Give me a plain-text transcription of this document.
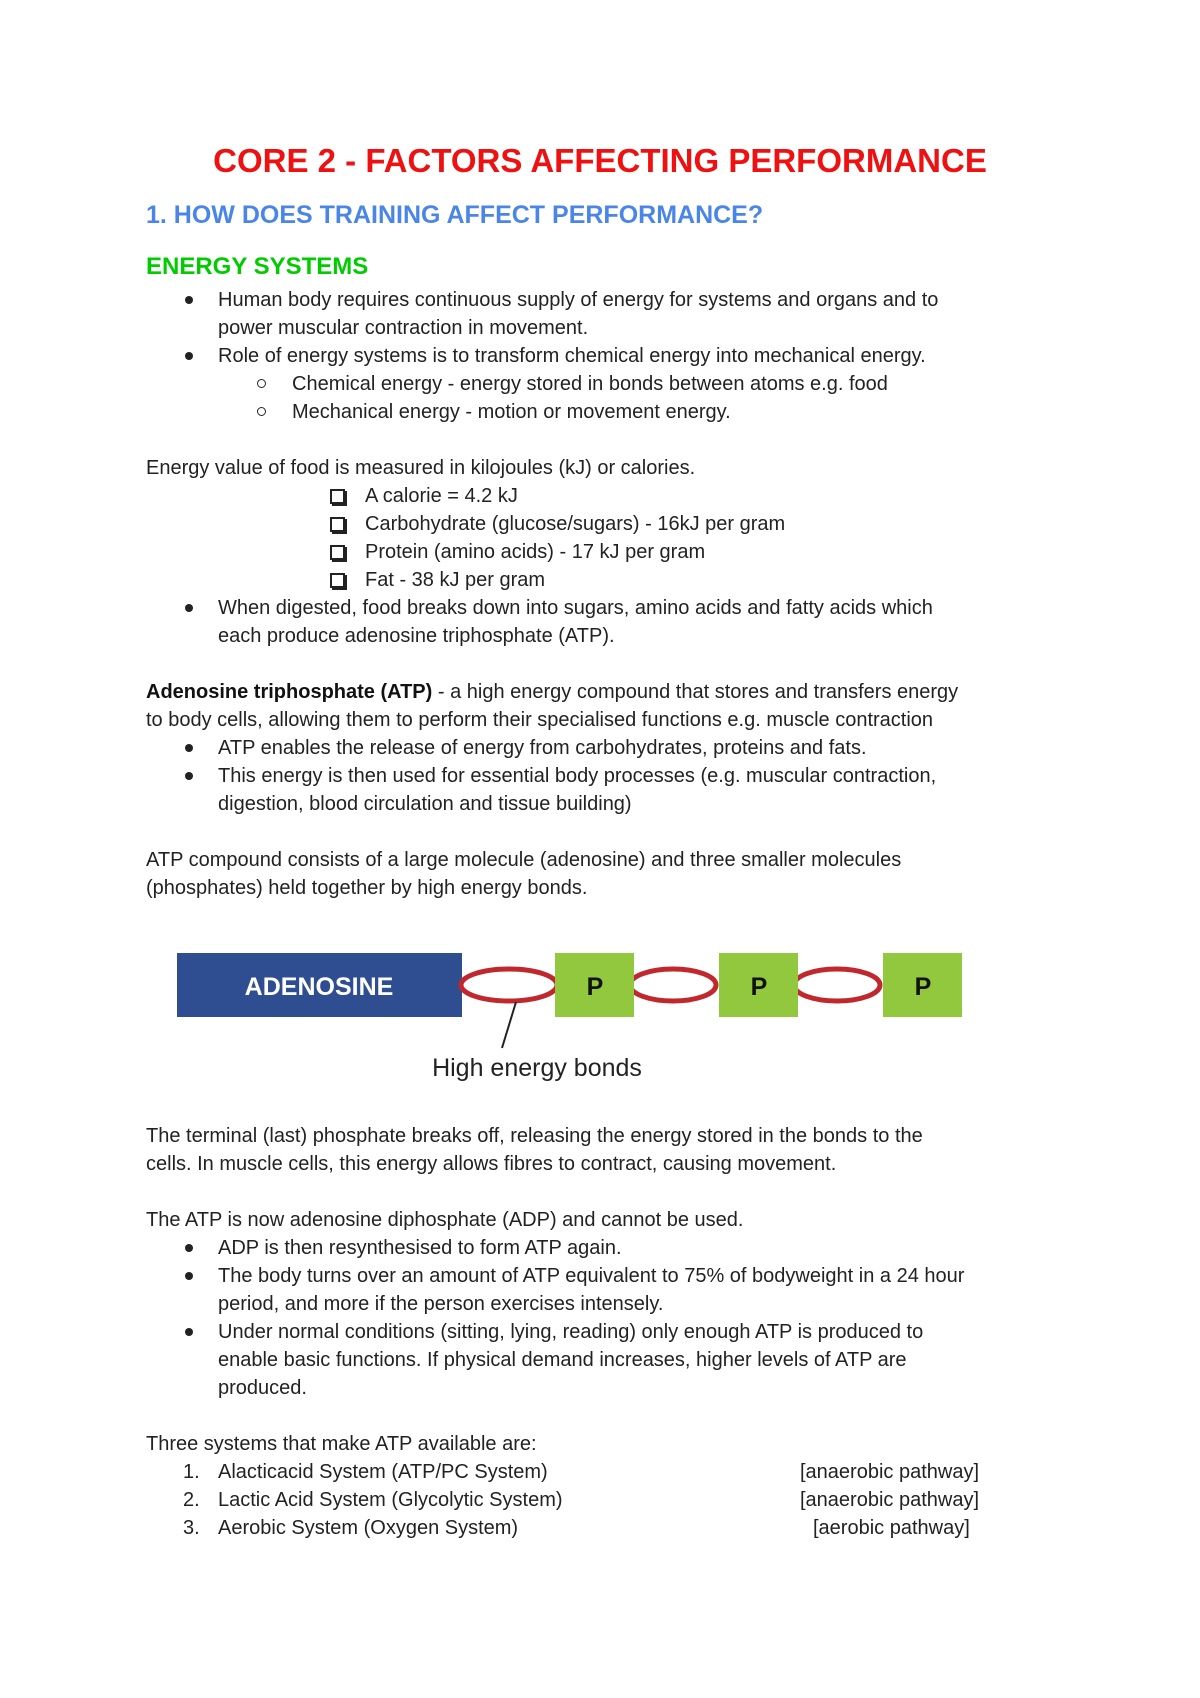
CORE 2 - FACTORS AFFECTING PERFORMANCE
1. HOW DOES TRAINING AFFECT PERFORMANCE?
ENERGY SYSTEMS
Human body requires continuous supply of energy for systems and organs and to
power muscular contraction in movement.
Role of energy systems is to transform chemical energy into mechanical energy.
Chemical energy - energy stored in bonds between atoms e.g. food
Mechanical energy - motion or movement energy.
Energy value of food is measured in kilojoules (kJ) or calories.
A calorie = 4.2 kJ
Carbohydrate (glucose/sugars) - 16kJ per gram
Protein (amino acids) - 17 kJ per gram
Fat - 38 kJ per gram
When digested, food breaks down into sugars, amino acids and fatty acids which
each produce adenosine triphosphate (ATP).
Adenosine triphosphate (ATP) - a high energy compound that stores and transfers energy
to body cells, allowing them to perform their specialised functions e.g. muscle contraction
ATP enables the release of energy from carbohydrates, proteins and fats.
This energy is then used for essential body processes (e.g. muscular contraction,
digestion, blood circulation and tissue building)
ATP compound consists of a large molecule (adenosine) and three smaller molecules
(phosphates) held together by high energy bonds.
ADENOSINE	P	P	P
High energy bonds
The terminal (last) phosphate breaks off, releasing the energy stored in the bonds to the
cells. In muscle cells, this energy allows fibres to contract, causing movement.
The ATP is now adenosine diphosphate (ADP) and cannot be used.
ADP is then resynthesised to form ATP again.
The body turns over an amount of ATP equivalent to 75% of bodyweight in a 24 hour
period, and more if the person exercises intensely.
Under normal conditions (sitting, lying, reading) only enough ATP is produced to
enable basic functions. If physical demand increases, higher levels of ATP are
produced.
Three systems that make ATP available are:
1. Alacticacid System (ATP/PC System)	[anaerobic pathway]
2. Lactic Acid System (Glycolytic System)	[anaerobic pathway]
3. Aerobic System (Oxygen System)	[aerobic pathway]
